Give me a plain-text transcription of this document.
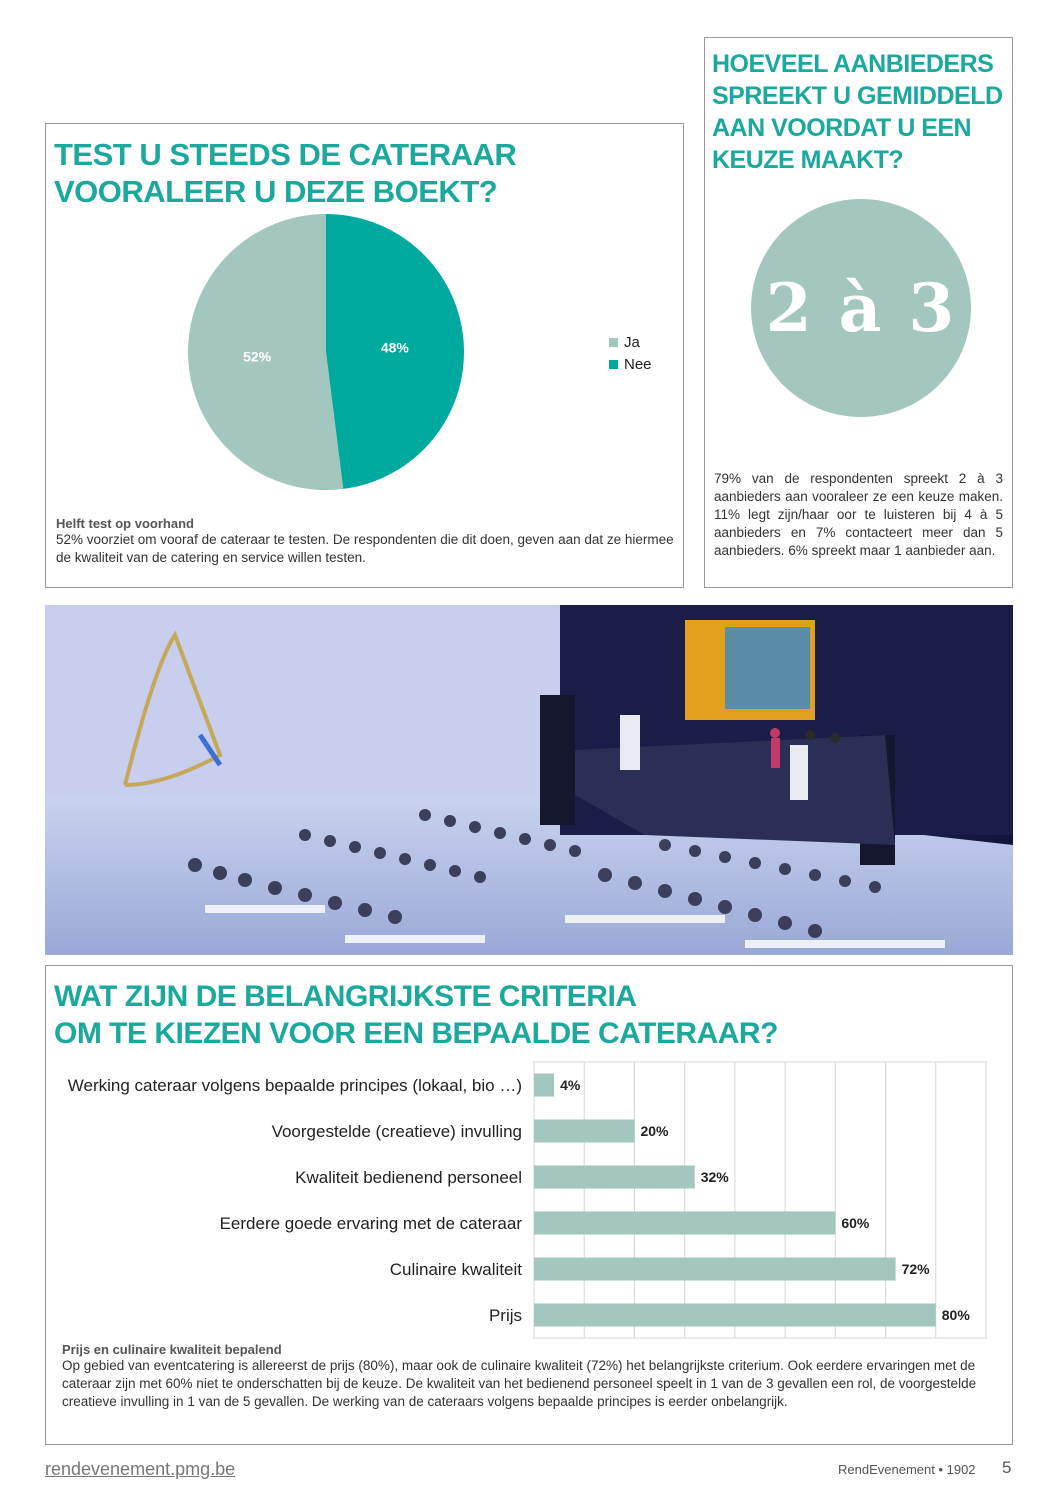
TEST U STEEDS DE CATERAAR
VOORALEER U DEZE BOEKT?
52%
48%	Ja
Nee
Helft test op voorhand
52% voorziet om vooraf de cateraar te testen. De respondenten die dit doen, geven aan dat ze hiermee de kwaliteit van de catering en service willen testen.
HOEVEEL AANBIEDERS
SPREEKT U GEMIDDELD
AAN VOORDAT U EEN
KEUZE MAAKT?
2 à 3
79% van de respondenten spreekt 2 à 3 aanbieders aan vooraleer ze een keuze maken. 11% legt zijn/haar oor te luisteren bij 4 à 5 aanbieders en 7% contacteert meer dan 5 aanbieders. 6% spreekt maar 1 aanbieder aan.
WAT ZIJN DE BELANGRIJKSTE CRITERIA
OM TE KIEZEN VOOR EEN BEPAALDE CATERAAR?
Werking cateraar volgens bepaalde principes (lokaal, bio …)	4%
Voorgestelde (creatieve) invulling	20%
Kwaliteit bedienend personeel	32%
Eerdere goede ervaring met de cateraar	60%
Culinaire kwaliteit	72%
Prijs	80%
Prijs en culinaire kwaliteit bepalend
Op gebied van eventcatering is allereerst de prijs (80%), maar ook de culinaire kwaliteit (72%) het belangrijkste criterium. Ook eerdere ervaringen met de cateraar zijn met 60% niet te onderschatten bij de keuze. De kwaliteit van het bedienend personeel speelt in 1 van de 3 gevallen een rol, de voorgestelde creatieve invulling in 1 van de 5 gevallen. De werking van de cateraars volgens bepaalde principes is eerder onbelangrijk.
rendevenement.pmg.be	RendEvenement • 1902 5
